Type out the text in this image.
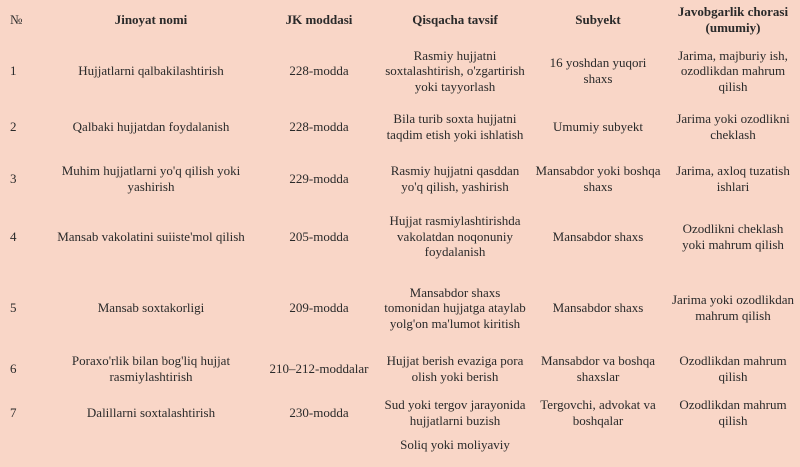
№	Jinoyat nomi	JK moddasi	Qisqacha tavsif	Subyekt	Javobgarlik chorasi (umumiy)
1	Hujjatlarni qalbakilashtirish	228-modda	Rasmiy hujjatni soxtalashtirish, o'zgartirish yoki tayyorlash	16 yoshdan yuqori shaxs	Jarima, majburiy ish, ozodlikdan mahrum qilish
2	Qalbaki hujjatdan foydalanish	228-modda	Bila turib soxta hujjatni taqdim etish yoki ishlatish	Umumiy subyekt	Jarima yoki ozodlikni cheklash
3	Muhim hujjatlarni yo'q qilish yoki yashirish	229-modda	Rasmiy hujjatni qasddan yo'q qilish, yashirish	Mansabdor yoki boshqa shaxs	Jarima, axloq tuzatish ishlari
4	Mansab vakolatini suiiste'mol qilish	205-modda	Hujjat rasmiylashtirishda vakolatdan noqonuniy foydalanish	Mansabdor shaxs	Ozodlikni cheklash yoki mahrum qilish
5	Mansab soxtakorligi	209-modda	Mansabdor shaxs tomonidan hujjatga ataylab yolg'on ma'lumot kiritish	Mansabdor shaxs	Jarima yoki ozodlikdan mahrum qilish
6	Poraxo'rlik bilan bog'liq hujjat rasmiylashtirish	210–212-moddalar	Hujjat berish evaziga pora olish yoki berish	Mansabdor va boshqa shaxslar	Ozodlikdan mahrum qilish
7	Dalillarni soxtalashtirish	230-modda	Sud yoki tergov jarayonida hujjatlarni buzish	Tergovchi, advokat va boshqalar	Ozodlikdan mahrum qilish
			Soliq yoki moliyaviy		
